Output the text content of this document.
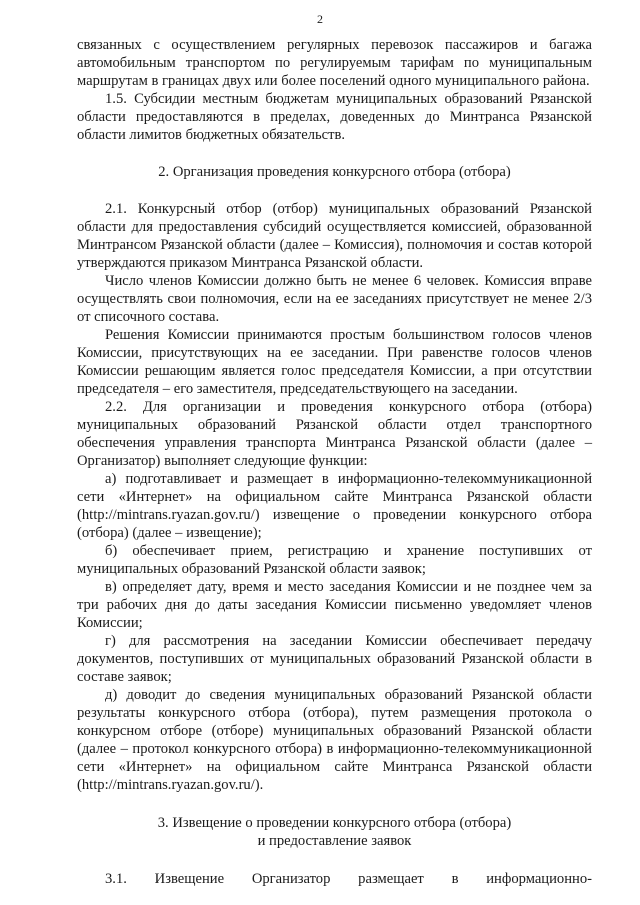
2

связанных с осуществлением регулярных перевозок пассажиров и багажа автомобильным транспортом по регулируемым тарифам по муниципальным маршрутам в границах двух или более поселений одного муниципального района.

1.5. Субсидии местным бюджетам муниципальных образований Рязанской области предоставляются в пределах, доведенных до Минтранса Рязанской области лимитов бюджетных обязательств.

2. Организация проведения конкурсного отбора (отбора)

2.1. Конкурсный отбор (отбор) муниципальных образований Рязанской области для предоставления субсидий осуществляется комиссией, образованной Минтрансом Рязанской области (далее – Комиссия), полномочия и состав которой утверждаются приказом Минтранса Рязанской области.

Число членов Комиссии должно быть не менее 6 человек. Комиссия вправе осуществлять свои полномочия, если на ее заседаниях присутствует не менее 2/3 от списочного состава.

Решения Комиссии принимаются простым большинством голосов членов Комиссии, присутствующих на ее заседании. При равенстве голосов членов Комиссии решающим является голос председателя Комиссии, а при отсутствии председателя – его заместителя, председательствующего на заседании.

2.2. Для организации и проведения конкурсного отбора (отбора) муниципальных образований Рязанской области отдел транспортного обеспечения управления транспорта Минтранса Рязанской области (далее – Организатор) выполняет следующие функции:

а) подготавливает и размещает в информационно-телекоммуникационной сети «Интернет» на официальном сайте Минтранса Рязанской области (http://mintrans.ryazan.gov.ru/) извещение о проведении конкурсного отбора (отбора) (далее – извещение);

б) обеспечивает прием, регистрацию и хранение поступивших от муниципальных образований Рязанской области заявок;

в) определяет дату, время и место заседания Комиссии и не позднее чем за три рабочих дня до даты заседания Комиссии письменно уведомляет членов Комиссии;

г) для рассмотрения на заседании Комиссии обеспечивает передачу документов, поступивших от муниципальных образований Рязанской области в составе заявок;

д) доводит до сведения муниципальных образований Рязанской области результаты конкурсного отбора (отбора), путем размещения протокола о конкурсном отборе (отборе) муниципальных образований Рязанской области (далее – протокол конкурсного отбора) в информационно-телекоммуникационной сети «Интернет» на официальном сайте Минтранса Рязанской области (http://mintrans.ryazan.gov.ru/).

3. Извещение о проведении конкурсного отбора (отбора)

и предоставление заявок

3.1. Извещение Организатор размещает в информационно-
